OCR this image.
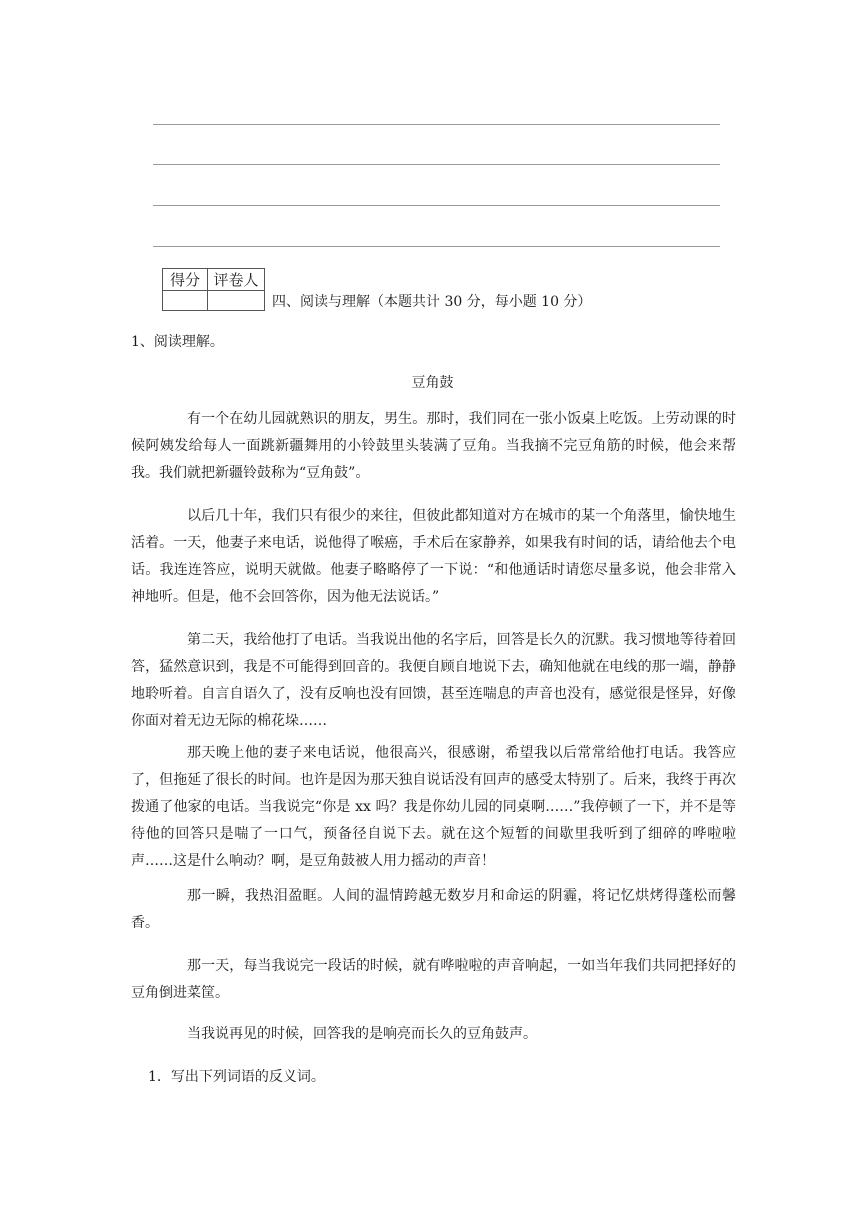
得分	评卷人

四、阅读与理解（本题共计 30 分，每小题 10 分）
1、阅读理解。
豆角鼓

有一个在幼儿园就熟识的朋友，男生。那时，我们同在一张小饭桌上吃饭。上劳动课的时候阿姨发给每人一面跳新疆舞用的小铃鼓里头装满了豆角。当我摘不完豆角筋的时候，他会来帮我。我们就把新疆铃鼓称为“豆角鼓”。

以后几十年，我们只有很少的来往，但彼此都知道对方在城市的某一个角落里，愉快地生活着。一天，他妻子来电话，说他得了喉癌，手术后在家静养，如果我有时间的话，请给他去个电话。我连连答应，说明天就做。他妻子略略停了一下说：“和他通话时请您尽量多说，他会非常入神地听。但是，他不会回答你，因为他无法说话。”

第二天，我给他打了电话。当我说出他的名字后，回答是长久的沉默。我习惯地等待着回答，猛然意识到，我是不可能得到回音的。我便自顾自地说下去，确知他就在电线的那一端，静静地聆听着。自言自语久了，没有反响也没有回馈，甚至连喘息的声音也没有，感觉很是怪异，好像你面对着无边无际的棉花垛……

那天晚上他的妻子来电话说，他很高兴，很感谢，希望我以后常常给他打电话。我答应了，但拖延了很长的时间。也许是因为那天独自说话没有回声的感受太特别了。后来，我终于再次拨通了他家的电话。当我说完“你是 xx 吗？我是你幼儿园的同桌啊……”我停顿了一下，并不是等待他的回答只是喘了一口气，预备径自说下去。就在这个短暂的间歇里我听到了细碎的哗啦啦声……这是什么响动？啊，是豆角鼓被人用力摇动的声音！

那一瞬，我热泪盈眶。人间的温情跨越无数岁月和命运的阴霾，将记忆烘烤得蓬松而馨香。

那一天，每当我说完一段话的时候，就有哗啦啦的声音响起，一如当年我们共同把择好的豆角倒进菜筐。

当我说再见的时候，回答我的是响亮而长久的豆角鼓声。

1．写出下列词语的反义词。
